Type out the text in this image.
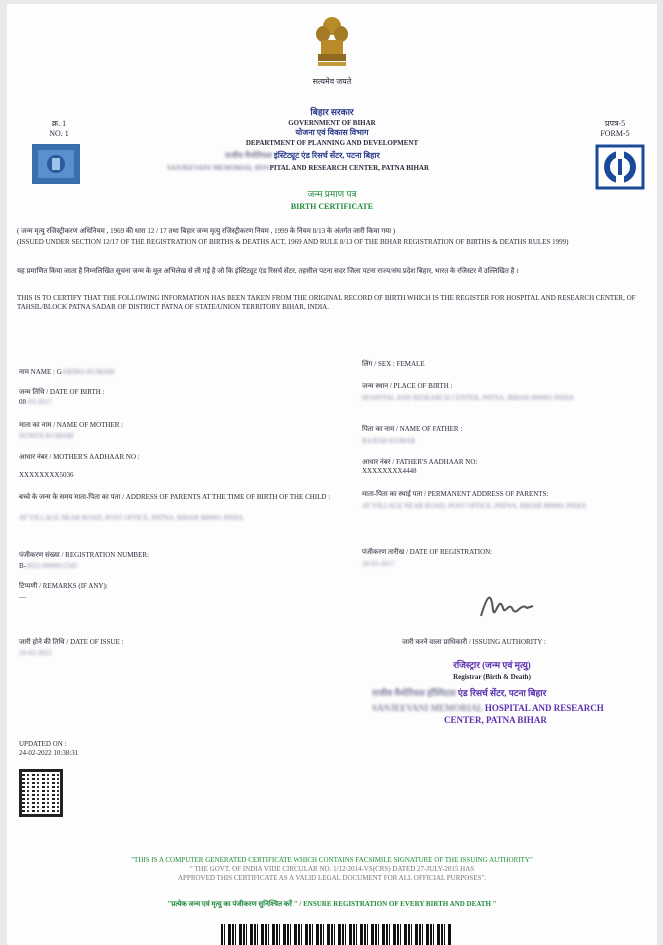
सत्यमेव जयते
क्र. 1
NO. 1
प्रपत्र-5
FORM-5
बिहार सरकार
GOVERNMENT OF BIHAR
योजना एवं विकास विभाग
DEPARTMENT OF PLANNING AND DEVELOPMENT
राजीव मैमोरियल इंस्टिट्यूट एंड रिसर्च सेंटर, पटना बिहार
SANJEEVANI MEMORIAL HOSPITAL AND RESEARCH CENTER, PATNA BIHAR
जन्म प्रमाण पत्र
BIRTH CERTIFICATE
( जन्म मृत्यु रजिस्ट्रीकरण अधिनियम , 1969 की धारा 12 / 17 तथा बिहार जन्म मृत्यु रजिस्ट्रीकरण नियम , 1999 के नियम 8/13 के अंतर्गत जारी किया गया )
(ISSUED UNDER SECTION 12/17 OF THE REGISTRATION OF BIRTHS & DEATHS ACT, 1969 AND RULE 8/13 OF THE BIHAR REGISTRATION OF BIRTHS & DEATHS RULES 1999)
यह प्रमाणित किया जाता है निम्नलिखित सूचना जन्म के मूल अभिलेख से ली गई है जो कि इंस्टिट्यूट एंड रिसर्च सेंटर, तहसील पटना सदर जिला पटना राज्य/संघ प्रदेश बिहार, भारत के रजिस्टर में उल्लिखित है ।
THIS IS TO CERTIFY THAT THE FOLLOWING INFORMATION HAS BEEN TAKEN FROM THE ORIGINAL RECORD OF BIRTH WHICH IS THE REGISTER FOR HOSPITAL AND RESEARCH CENTER, OF TAHSIL/BLOCK PATNA SADAR OF DISTRICT PATNA OF STATE/UNION TERRITORY BIHAR, INDIA.
नाम NAME : GARIMA KUMARI
जन्म तिथि / DATE OF BIRTH :
08-03-2017
माता का नाम / NAME OF MOTHER :
SUNITA KUMARI
आधार नंबर / MOTHER'S AADHAAR NO :
XXXXXXXX5036
बच्चे के जन्म के समय माता-पिता का पता / ADDRESS OF PARENTS AT THE TIME OF BIRTH OF THE CHILD :
AT VILLAGE NEAR ROAD, POST OFFICE, PATNA, BIHAR 800001 INDIA
पंजीकरण संख्या / REGISTRATION NUMBER:
B-2022-0000012345
टिप्पणी / REMARKS (IF ANY):
—
जारी होने की तिथि / DATE OF ISSUE :
24-02-2022
लिंग / SEX : FEMALE
जन्म स्थान / PLACE OF BIRTH :
HOSPITAL AND RESEARCH CENTER, PATNA, BIHAR 800001 INDIA
पिता का नाम / NAME OF FATHER :
RAJESH KUMAR
आधार नंबर / FATHER'S AADHAAR NO:
XXXXXXXX4448
माता-पिता का स्थाई पता / PERMANENT ADDRESS OF PARENTS:
AT VILLAGE NEAR ROAD, POST OFFICE, PATNA, BIHAR 800001 INDIA
पंजीकरण तारीख / DATE OF REGISTRATION:
28-03-2017
जारी करने वाला प्राधिकारी / ISSUING AUTHORITY :
रजिस्ट्रार (जन्म एवं मृत्यु)
Registrar (Birth & Death)
राजीव मैमोरियल हॉस्पिटल एंड रिसर्च सेंटर, पटना बिहार
SANJEEVANI MEMORIAL HOSPITAL AND RESEARCH
CENTER, PATNA BIHAR
UPDATED ON :
24-02-2022 10:38:31
"THIS IS A COMPUTER GENERATED CERTIFICATE WHICH CONTAINS FACSIMILE SIGNATURE OF THE ISSUING AUTHORITY"
" THE GOVT. OF INDIA VIDE CIRCULAR NO. 1/12/2014-VS(CRS) DATED 27-JULY-2015 HAS
APPROVED THIS CERTIFICATE AS A VALID LEGAL DOCUMENT FOR ALL OFFICIAL PURPOSES".
"प्रत्येक जन्म एवं मृत्यु का पंजीकरण सुनिश्चित करें " / ENSURE REGISTRATION OF EVERY BIRTH AND DEATH "
